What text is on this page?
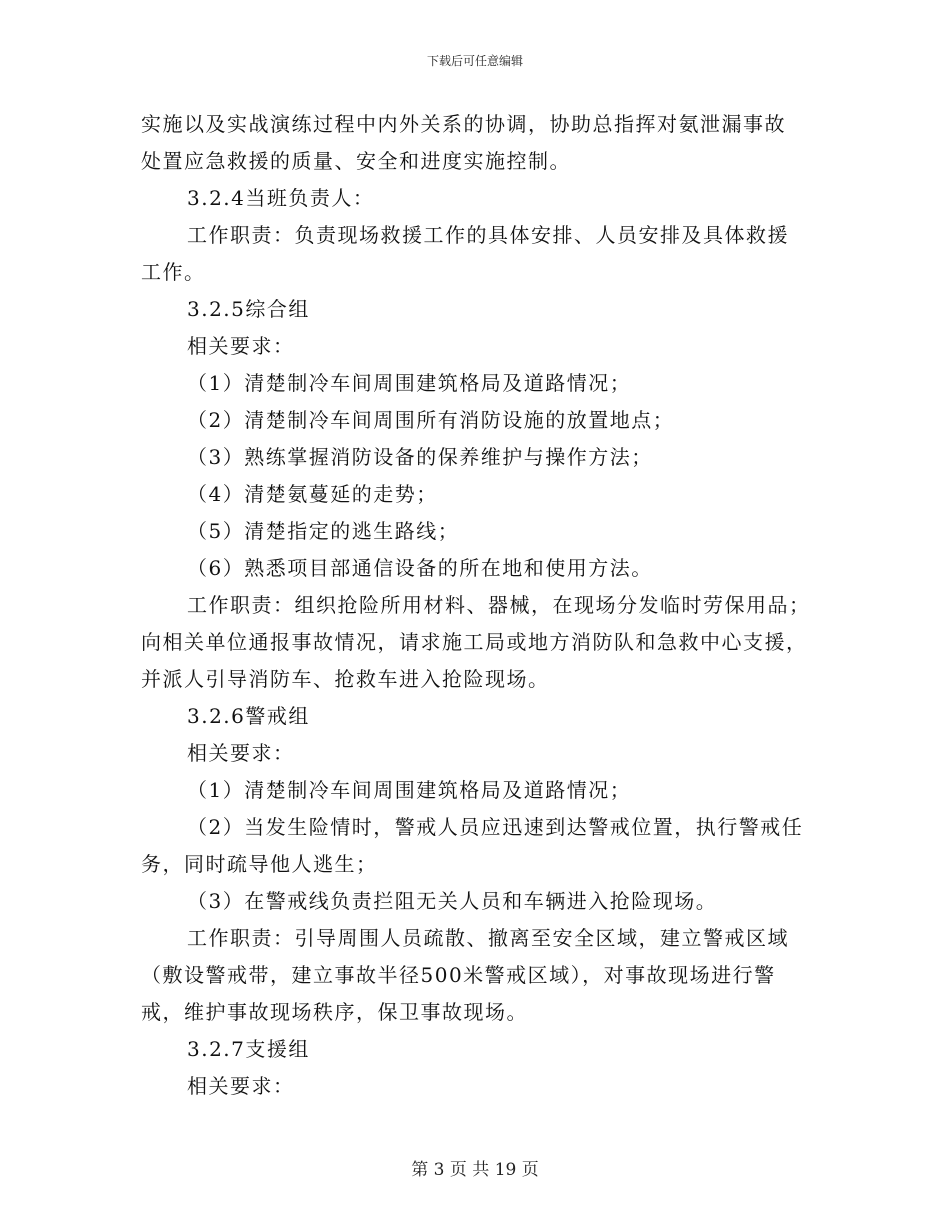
下载后可任意编辑
实施以及实战演练过程中内外关系的协调，协助总指挥对氨泄漏事故
处置应急救援的质量、安全和进度实施控制。
3.2.4当班负责人：
工作职责：负责现场救援工作的具体安排、人员安排及具体救援
工作。
3.2.5综合组
相关要求：
（1）清楚制冷车间周围建筑格局及道路情况；
（2）清楚制冷车间周围所有消防设施的放置地点；
（3）熟练掌握消防设备的保养维护与操作方法；
（4）清楚氨蔓延的走势；
（5）清楚指定的逃生路线；
（6）熟悉项目部通信设备的所在地和使用方法。
工作职责：组织抢险所用材料、器械，在现场分发临时劳保用品；
向相关单位通报事故情况，请求施工局或地方消防队和急救中心支援，
并派人引导消防车、抢救车进入抢险现场。
3.2.6警戒组
相关要求：
（1）清楚制冷车间周围建筑格局及道路情况；
（2）当发生险情时，警戒人员应迅速到达警戒位置，执行警戒任
务，同时疏导他人逃生；
（3）在警戒线负责拦阻无关人员和车辆进入抢险现场。
工作职责：引导周围人员疏散、撤离至安全区域，建立警戒区域
（敷设警戒带，建立事故半径500米警戒区域），对事故现场进行警
戒，维护事故现场秩序，保卫事故现场。
3.2.7支援组
相关要求：
第 3 页 共 19 页
